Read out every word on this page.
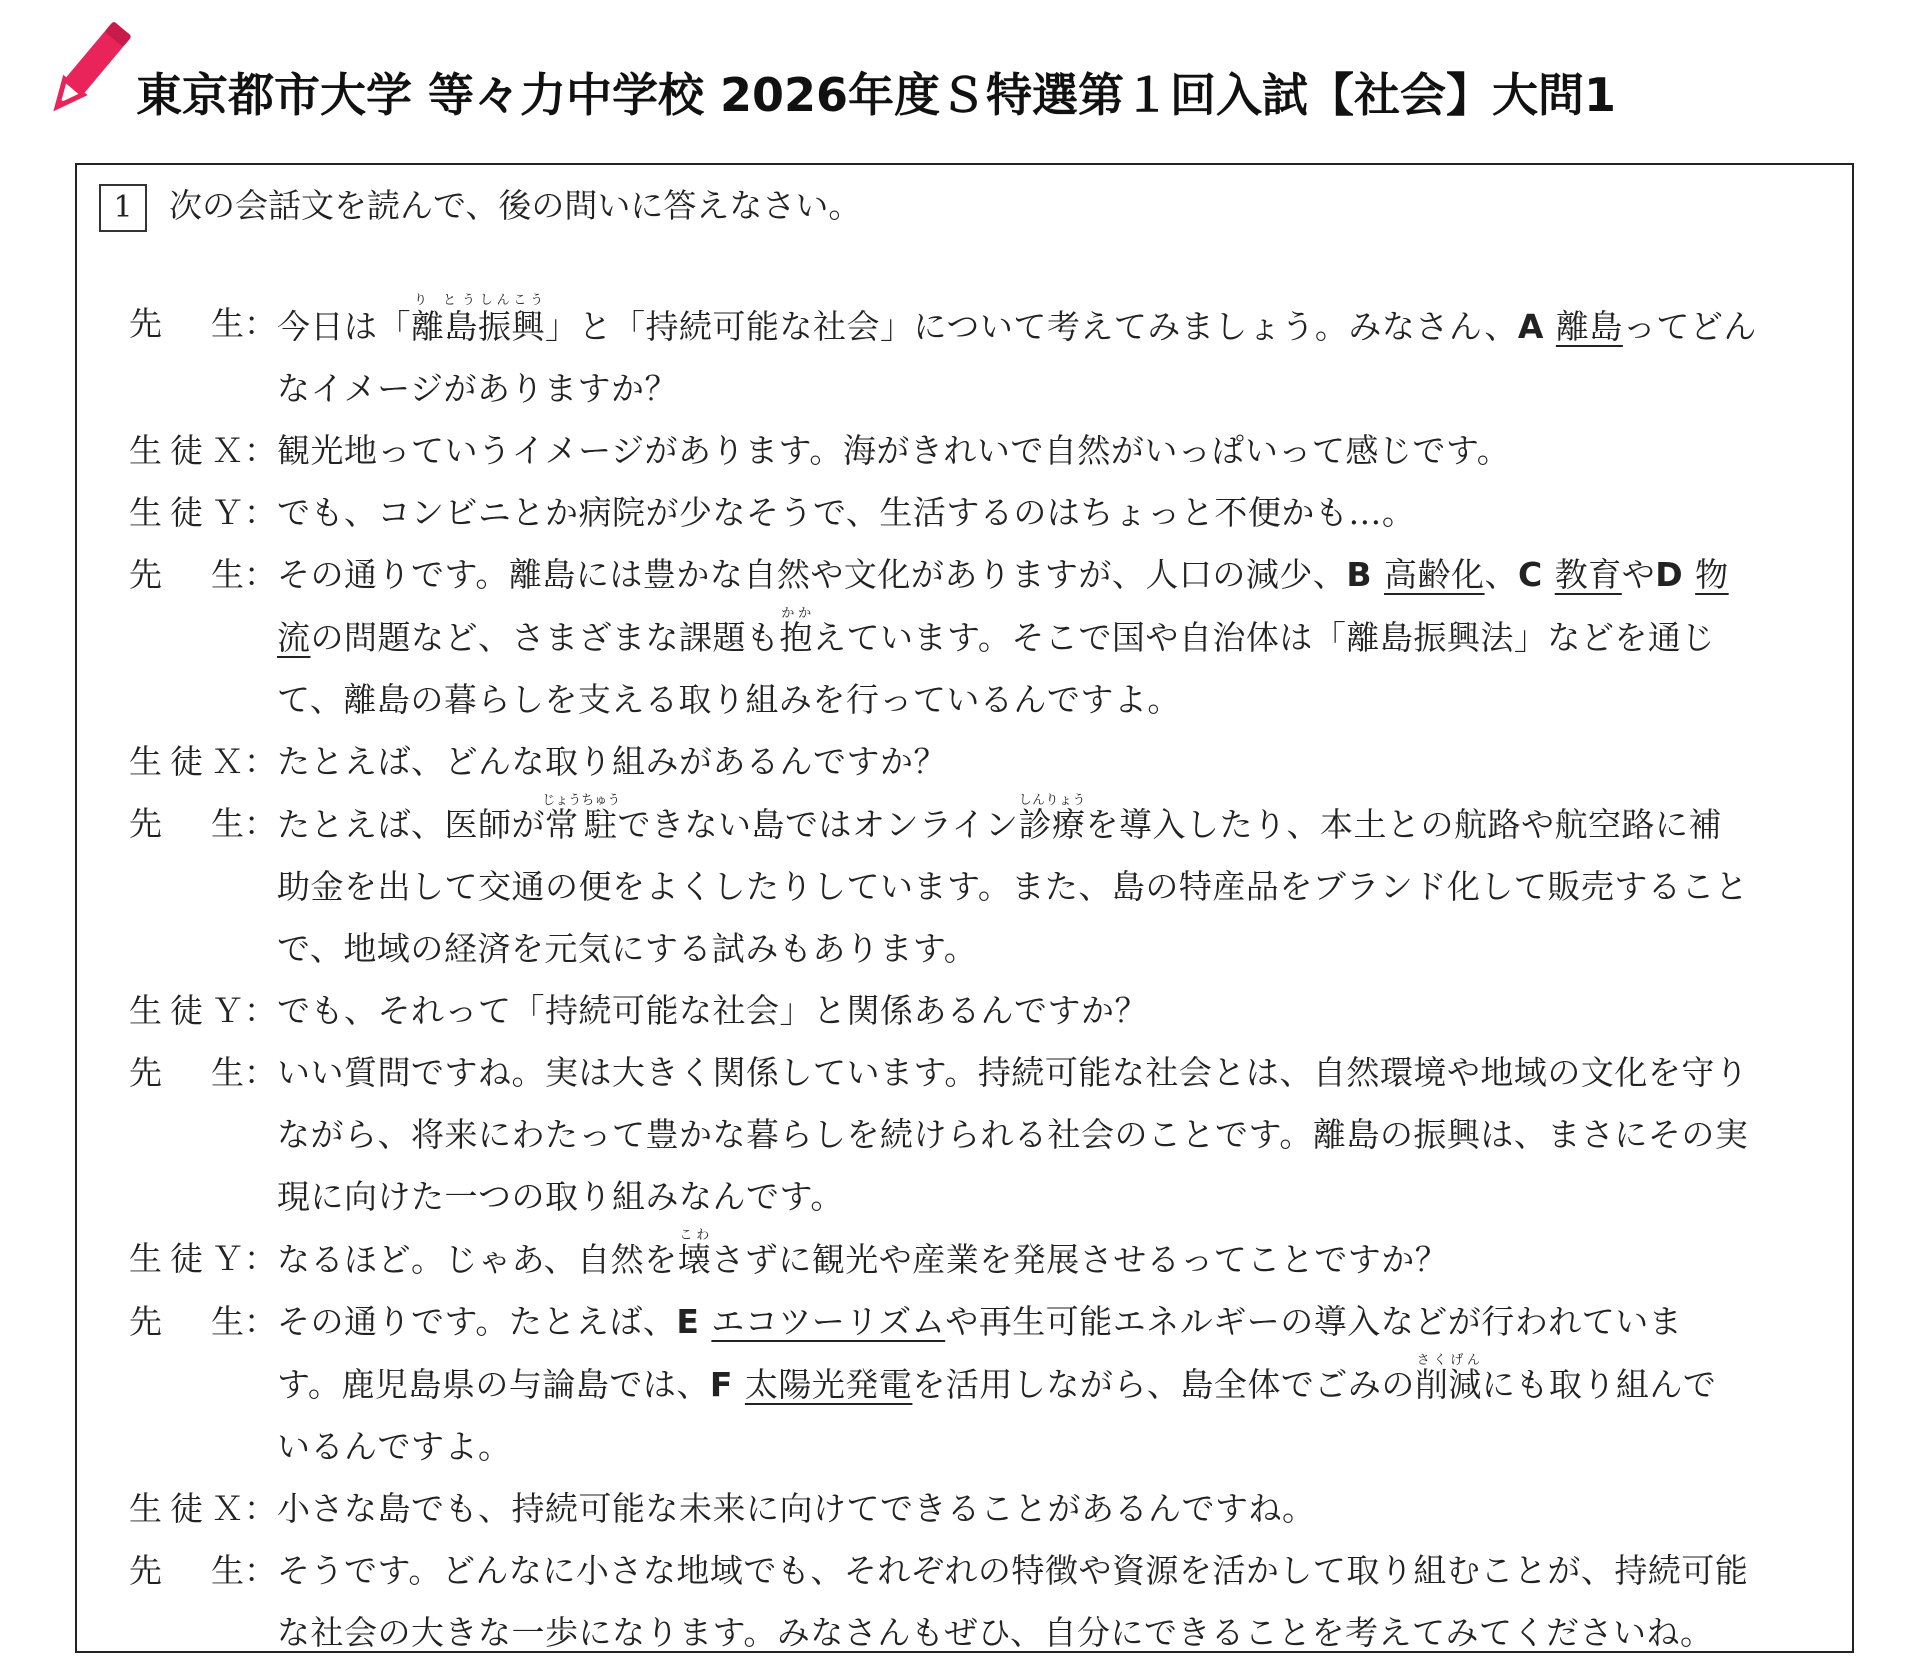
東京都市大学 等々力中学校 2026年度Ｓ特選第１回入試【社会】大問1
1 次の会話文を読んで、後の問いに答えなさい。
先　生 ： 今日は「離島り とう振興しんこう」と「持続可能な社会」について考えてみましょう。みなさん、A 離島ってどん
なイメージがありますか？
生徒Ｘ ： 観光地っていうイメージがあります。海がきれいで自然がいっぱいって感じです。
生徒Ｙ ： でも、コンビニとか病院が少なそうで、生活するのはちょっと不便かも…。
先　生 ： その通りです。離島には豊かな自然や文化がありますが、人口の減少、B 高齢化、C 教育やD 物
流の問題など、さまざまな課題も抱かかえています。そこで国や自治体は「離島振興法」などを通じ
て、離島の暮らしを支える取り組みを行っているんですよ。
生徒Ｘ ： たとえば、どんな取り組みがあるんですか？
先　生 ： たとえば、医師が常駐じょうちゅうできない島ではオンライン診療しんりょうを導入したり、本土との航路や航空路に補
助金を出して交通の便をよくしたりしています。また、島の特産品をブランド化して販売すること
で、地域の経済を元気にする試みもあります。
生徒Ｙ ： でも、それって「持続可能な社会」と関係あるんですか？
先　生 ： いい質問ですね。実は大きく関係しています。持続可能な社会とは、自然環境や地域の文化を守り
ながら、将来にわたって豊かな暮らしを続けられる社会のことです。離島の振興は、まさにその実
現に向けた一つの取り組みなんです。
生徒Ｙ ： なるほど。じゃあ、自然を壊こわさずに観光や産業を発展させるってことですか？
先　生 ： その通りです。たとえば、E エコツーリズムや再生可能エネルギーの導入などが行われていま
す。鹿児島県の与論島では、F 太陽光発電を活用しながら、島全体でごみの削減さくげんにも取り組んで
いるんですよ。
生徒Ｘ ： 小さな島でも、持続可能な未来に向けてできることがあるんですね。
先　生 ： そうです。どんなに小さな地域でも、それぞれの特徴や資源を活かして取り組むことが、持続可能
な社会の大きな一歩になります。みなさんもぜひ、自分にできることを考えてみてくださいね。
